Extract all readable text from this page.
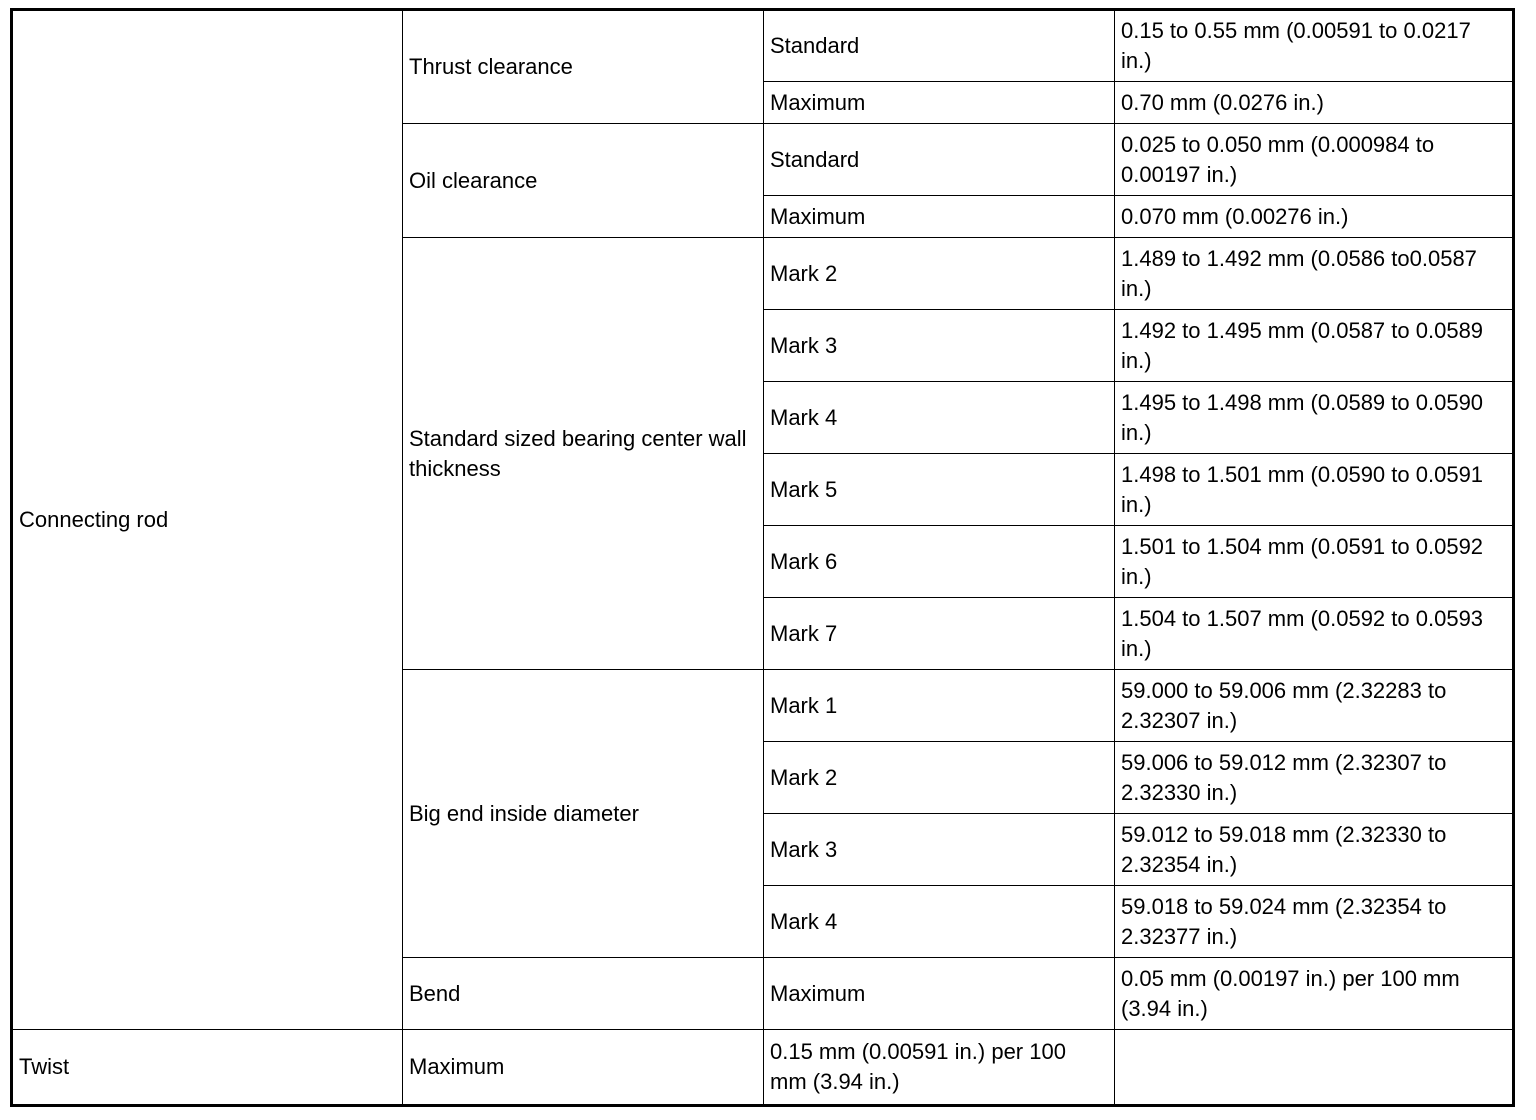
Connecting rod	Thrust clearance	Standard	0.15 to 0.55 mm (0.00591 to 0.0217 in.)
		Maximum	0.70 mm (0.0276 in.)
	Oil clearance	Standard	0.025 to 0.050 mm (0.000984 to 0.00197 in.)
		Maximum	0.070 mm (0.00276 in.)
	Standard sized bearing center wall thickness	Mark 2	1.489 to 1.492 mm (0.0586 to0.0587 in.)
		Mark 3	1.492 to 1.495 mm (0.0587 to 0.0589 in.)
		Mark 4	1.495 to 1.498 mm (0.0589 to 0.0590 in.)
		Mark 5	1.498 to 1.501 mm (0.0590 to 0.0591 in.)
		Mark 6	1.501 to 1.504 mm (0.0591 to 0.0592 in.)
		Mark 7	1.504 to 1.507 mm (0.0592 to 0.0593 in.)
	Big end inside diameter	Mark 1	59.000 to 59.006 mm (2.32283 to 2.32307 in.)
		Mark 2	59.006 to 59.012 mm (2.32307 to 2.32330 in.)
		Mark 3	59.012 to 59.018 mm (2.32330 to 2.32354 in.)
		Mark 4	59.018 to 59.024 mm (2.32354 to 2.32377 in.)
	Bend	Maximum	0.05 mm (0.00197 in.) per 100 mm (3.94 in.)
Twist	Maximum	0.15 mm (0.00591 in.) per 100 mm (3.94 in.)	
